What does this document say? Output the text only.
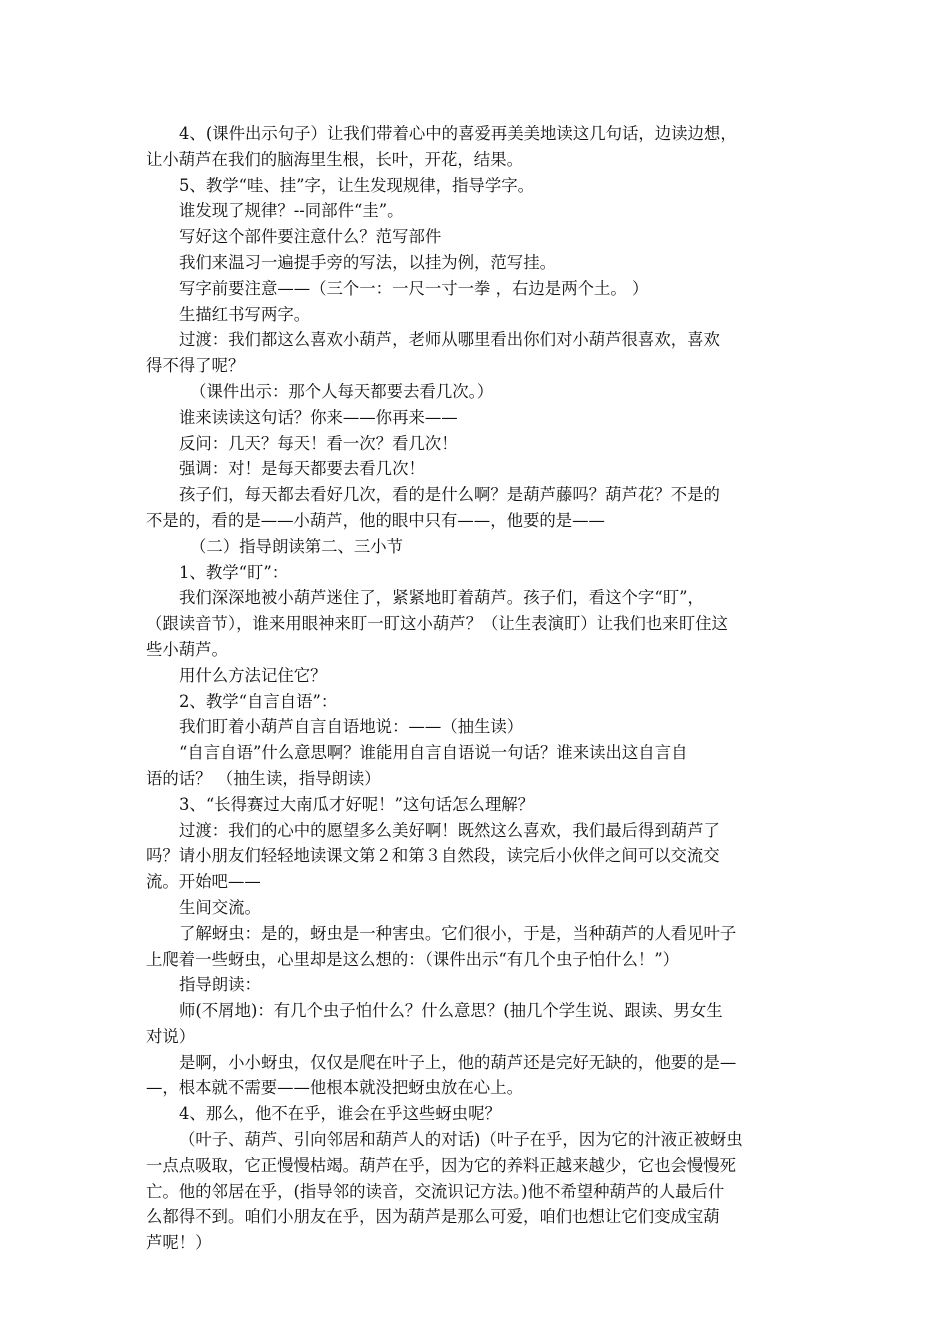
4、(课件出示句子）让我们带着心中的喜爱再美美地读这几句话，边读边想，
让小葫芦在我们的脑海里生根，长叶，开花，结果。
5、教学“哇、挂”字，让生发现规律，指导学字。
谁发现了规律？--同部件“圭”。
写好这个部件要注意什么？范写部件
我们来温习一遍提手旁的写法，以挂为例，范写挂。
写字前要注意——（三个一：一尺一寸一拳 ，右边是两个土。 ）
生描红书写两字。
过渡：我们都这么喜欢小葫芦，老师从哪里看出你们对小葫芦很喜欢，喜欢
得不得了呢？
（课件出示：那个人每天都要去看几次。）
谁来读读这句话？你来——你再来——
反问：几天？每天！看一次？看几次！
强调：对！是每天都要去看几次！
孩子们，每天都去看好几次，看的是什么啊？是葫芦藤吗？葫芦花？不是的
不是的，看的是——小葫芦，他的眼中只有——，他要的是——
（二）指导朗读第二、三小节
1、教学“盯”：
我们深深地被小葫芦迷住了，紧紧地盯着葫芦。孩子们，看这个字“盯”，
（跟读音节），谁来用眼神来盯一盯这小葫芦？（让生表演盯）让我们也来盯住这
些小葫芦。
用什么方法记住它？
2、教学“自言自语”：
我们盯着小葫芦自言自语地说：——（抽生读）
“自言自语”什么意思啊？谁能用自言自语说一句话？谁来读出这自言自
语的话？ （抽生读，指导朗读）
3、“长得赛过大南瓜才好呢！”这句话怎么理解？
过渡：我们的心中的愿望多么美好啊！既然这么喜欢，我们最后得到葫芦了
吗？请小朋友们轻轻地读课文第２和第３自然段，读完后小伙伴之间可以交流交
流。开始吧——
生间交流。
了解蚜虫：是的，蚜虫是一种害虫。它们很小，于是，当种葫芦的人看见叶子
上爬着一些蚜虫，心里却是这么想的：（课件出示“有几个虫子怕什么！”）
指导朗读：
师(不屑地)：有几个虫子怕什么？什么意思？(抽几个学生说、跟读、男女生
对说）
是啊，小小蚜虫，仅仅是爬在叶子上，他的葫芦还是完好无缺的，他要的是—
—，根本就不需要——他根本就没把蚜虫放在心上。
4、那么，他不在乎，谁会在乎这些蚜虫呢？
（叶子、葫芦、引向邻居和葫芦人的对话)（叶子在乎，因为它的汁液正被蚜虫
一点点吸取，它正慢慢枯竭。葫芦在乎，因为它的养料正越来越少，它也会慢慢死
亡。他的邻居在乎，(指导邻的读音，交流识记方法。)他不希望种葫芦的人最后什
么都得不到。咱们小朋友在乎，因为葫芦是那么可爱，咱们也想让它们变成宝葫
芦呢！）
